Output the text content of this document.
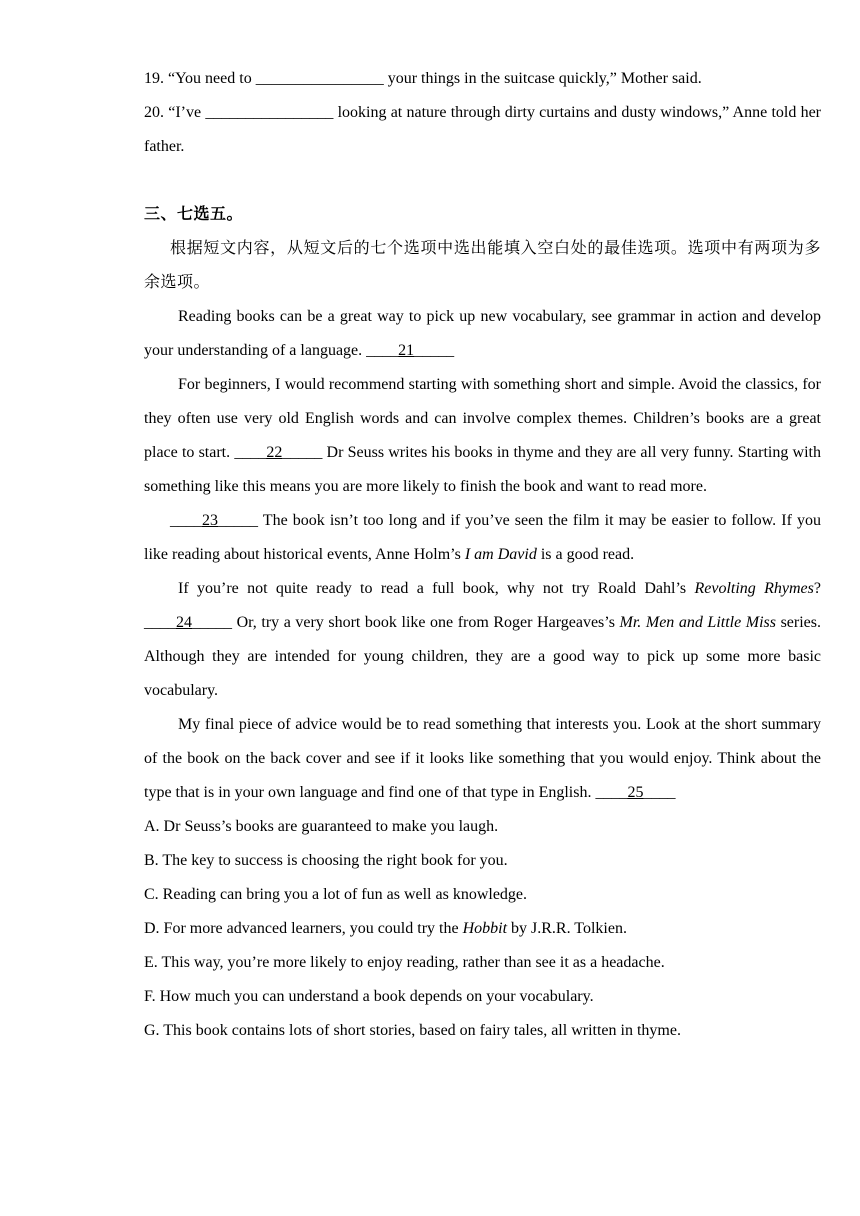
19. “You need to ________________ your things in the suitcase quickly,” Mother said.

20. “I’ve ________________ looking at nature through dirty curtains and dusty windows,” Anne told her father.

三、七选五。

根据短文内容，从短文后的七个选项中选出能填入空白处的最佳选项。选项中有两项为多余选项。

Reading books can be a great way to pick up new vocabulary, see grammar in action and develop your understanding of a language. ____21_____

For beginners, I would recommend starting with something short and simple. Avoid the classics, for they often use very old English words and can involve complex themes. Children’s books are a great place to start. ____22_____ Dr Seuss writes his books in thyme and they are all very funny. Starting with something like this means you are more likely to finish the book and want to read more.

____23_____ The book isn’t too long and if you’ve seen the film it may be easier to follow. If you like reading about historical events, Anne Holm’s I am David is a good read.

If you’re not quite ready to read a full book, why not try Roald Dahl’s Revolting Rhymes? ____24_____ Or, try a very short book like one from Roger Hargeaves’s Mr. Men and Little Miss series. Although they are intended for young children, they are a good way to pick up some more basic vocabulary.

My final piece of advice would be to read something that interests you. Look at the short summary of the book on the back cover and see if it looks like something that you would enjoy. Think about the type that is in your own language and find one of that type in English. ____25____

A. Dr Seuss’s books are guaranteed to make you laugh.

B. The key to success is choosing the right book for you.

C. Reading can bring you a lot of fun as well as knowledge.

D. For more advanced learners, you could try the Hobbit by J.R.R. Tolkien.

E. This way, you’re more likely to enjoy reading, rather than see it as a headache.

F. How much you can understand a book depends on your vocabulary.

G. This book contains lots of short stories, based on fairy tales, all written in thyme.
